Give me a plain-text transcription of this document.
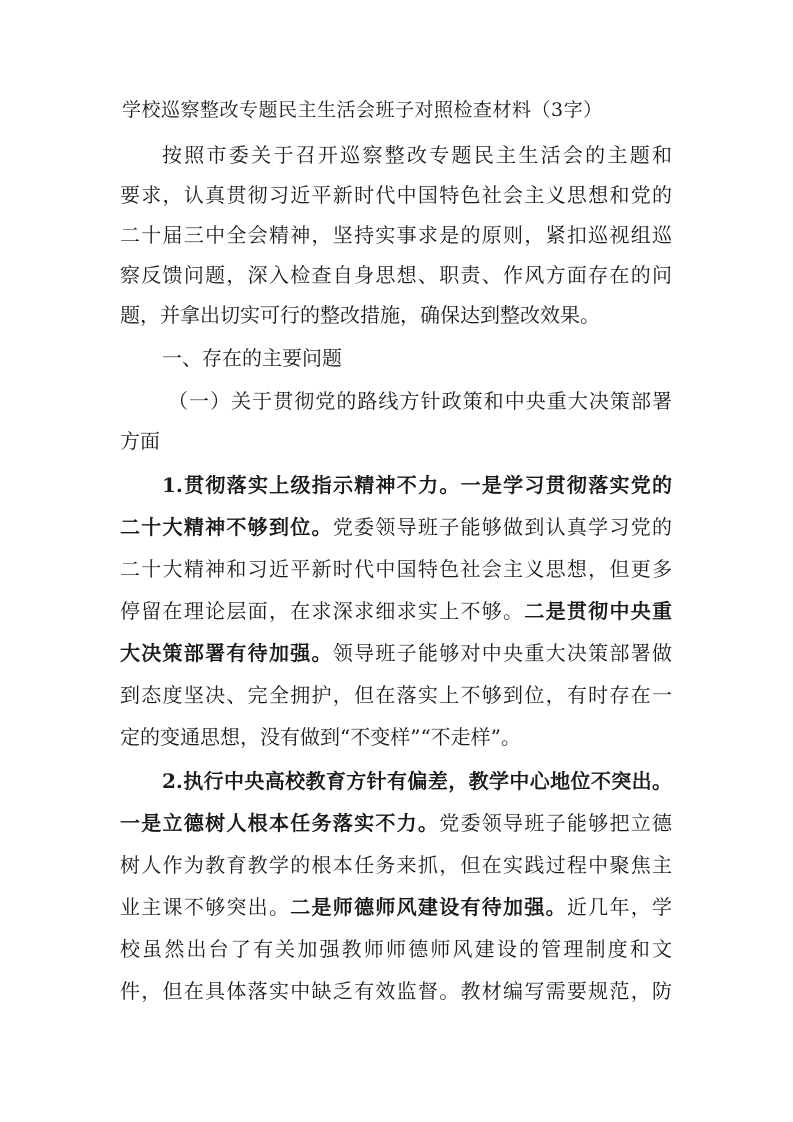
学校巡察整改专题民主生活会班子对照检查材料（3字）
按照市委关于召开巡察整改专题民主生活会的主题和
要求，认真贯彻习近平新时代中国特色社会主义思想和党的
二十届三中全会精神，坚持实事求是的原则，紧扣巡视组巡
察反馈问题，深入检查自身思想、职责、作风方面存在的问
题，并拿出切实可行的整改措施，确保达到整改效果。
一、存在的主要问题
（一）关于贯彻党的路线方针政策和中央重大决策部署
方面
1.贯彻落实上级指示精神不力。一是学习贯彻落实党的
二十大精神不够到位。党委领导班子能够做到认真学习党的
二十大精神和习近平新时代中国特色社会主义思想，但更多
停留在理论层面，在求深求细求实上不够。二是贯彻中央重
大决策部署有待加强。领导班子能够对中央重大决策部署做
到态度坚决、完全拥护，但在落实上不够到位，有时存在一
定的变通思想，没有做到“不变样”“不走样”。
2.执行中央高校教育方针有偏差，教学中心地位不突出。
一是立德树人根本任务落实不力。党委领导班子能够把立德
树人作为教育教学的根本任务来抓，但在实践过程中聚焦主
业主课不够突出。二是师德师风建设有待加强。近几年，学
校虽然出台了有关加强教师师德师风建设的管理制度和文
件，但在具体落实中缺乏有效监督。教材编写需要规范，防
